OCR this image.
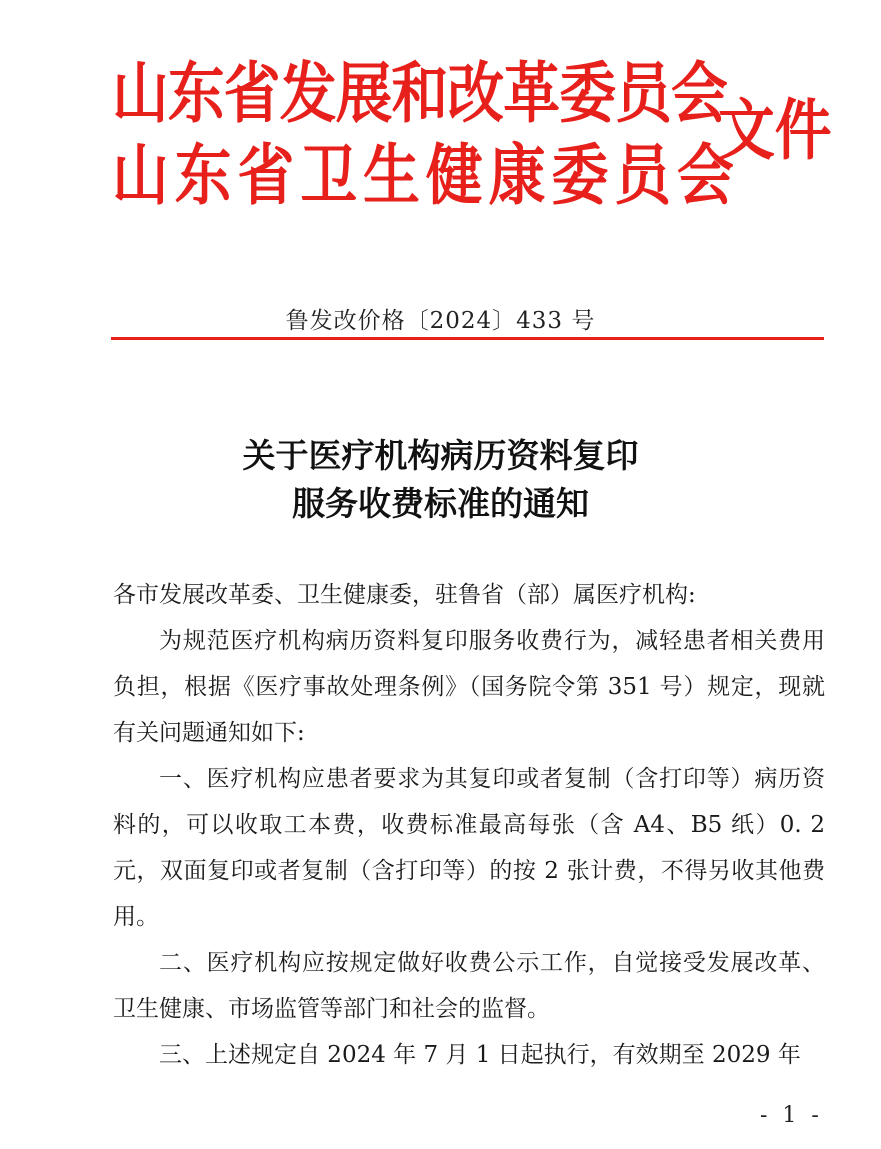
山东省发展和改革委员会
山东省卫生健康委员会
文件
鲁发改价格〔2024〕433 号
关于医疗机构病历资料复印
服务收费标准的通知

各市发展改革委、卫生健康委，驻鲁省（部）属医疗机构:

为规范医疗机构病历资料复印服务收费行为，减轻患者相关费用负担，根据《医疗事故处理条例》（国务院令第 351 号）规定，现就有关问题通知如下:

一、医疗机构应患者要求为其复印或者复制（含打印等）病历资料的，可以收取工本费，收费标准最高每张（含 A4、B5 纸）0. 2 元，双面复印或者复制（含打印等）的按 2 张计费，不得另收其他费用。

二、医疗机构应按规定做好收费公示工作，自觉接受发展改革、卫生健康、市场监管等部门和社会的监督。

三、上述规定自 2024 年 7 月 1 日起执行，有效期至 2029 年

- 1 -
